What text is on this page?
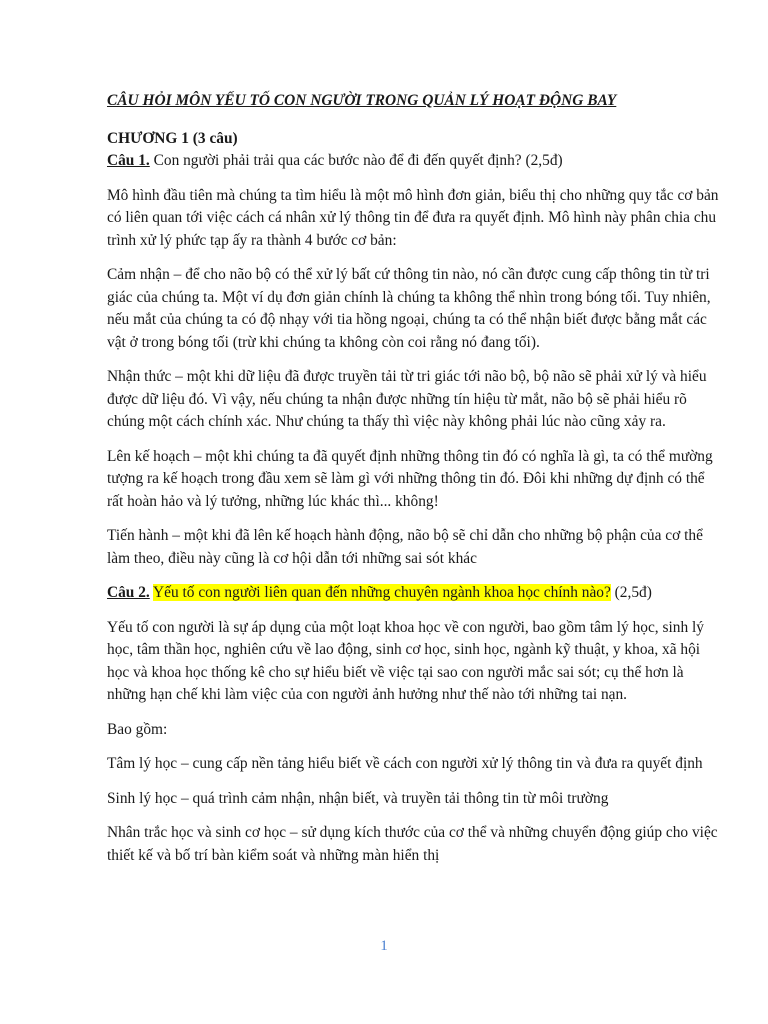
CÂU HỎI MÔN YẾU TỐ CON NGƯỜI TRONG QUẢN LÝ HOẠT ĐỘNG BAY
CHƯƠNG 1 (3 câu)
Câu 1. Con người phải trải qua các bước nào để đi đến quyết định? (2,5đ)

Mô hình đầu tiên mà chúng ta tìm hiểu là một mô hình đơn giản, biểu thị cho những quy tắc cơ bản có liên quan tới việc cách cá nhân xử lý thông tin để đưa ra quyết định. Mô hình này phân chia chu trình xử lý phức tạp ấy ra thành 4 bước cơ bản:

Cảm nhận – để cho não bộ có thể xử lý bất cứ thông tin nào, nó cần được cung cấp thông tin từ tri giác của chúng ta. Một ví dụ đơn giản chính là chúng ta không thể nhìn trong bóng tối. Tuy nhiên, nếu mắt của chúng ta có độ nhạy với tia hồng ngoại, chúng ta có thể nhận biết được bằng mắt các vật ở trong bóng tối (trừ khi chúng ta không còn coi rằng nó đang tối).

Nhận thức – một khi dữ liệu đã được truyền tải từ tri giác tới não bộ, bộ não sẽ phải xử lý và hiểu được dữ liệu đó. Vì vậy, nếu chúng ta nhận được những tín hiệu từ mắt, não bộ sẽ phải hiểu rõ chúng một cách chính xác. Như chúng ta thấy thì việc này không phải lúc nào cũng xảy ra.

Lên kế hoạch – một khi chúng ta đã quyết định những thông tin đó có nghĩa là gì, ta có thể mường tượng ra kế hoạch trong đầu xem sẽ làm gì với những thông tin đó. Đôi khi những dự định có thể rất hoàn hảo và lý tưởng, những lúc khác thì... không!

Tiến hành – một khi đã lên kế hoạch hành động, não bộ sẽ chỉ dẫn cho những bộ phận của cơ thể làm theo, điều này cũng là cơ hội dẫn tới những sai sót khác

Câu 2. Yếu tố con người liên quan đến những chuyên ngành khoa học chính nào? (2,5đ)

Yếu tố con người là sự áp dụng của một loạt khoa học về con người, bao gồm tâm lý học, sinh lý học, tâm thần học, nghiên cứu về lao động, sinh cơ học, sinh học, ngành kỹ thuật, y khoa, xã hội học và khoa học thống kê cho sự hiểu biết về việc tại sao con người mắc sai sót; cụ thể hơn là những hạn chế khi làm việc của con người ảnh hưởng như thế nào tới những tai nạn.

Bao gồm:

Tâm lý học – cung cấp nền tảng hiểu biết về cách con người xử lý thông tin và đưa ra quyết định

Sinh lý học – quá trình cảm nhận, nhận biết, và truyền tải thông tin từ môi trường

Nhân trắc học và sinh cơ học – sử dụng kích thước của cơ thể và những chuyển động giúp cho việc thiết kế và bố trí bàn kiểm soát và những màn hiển thị

1
